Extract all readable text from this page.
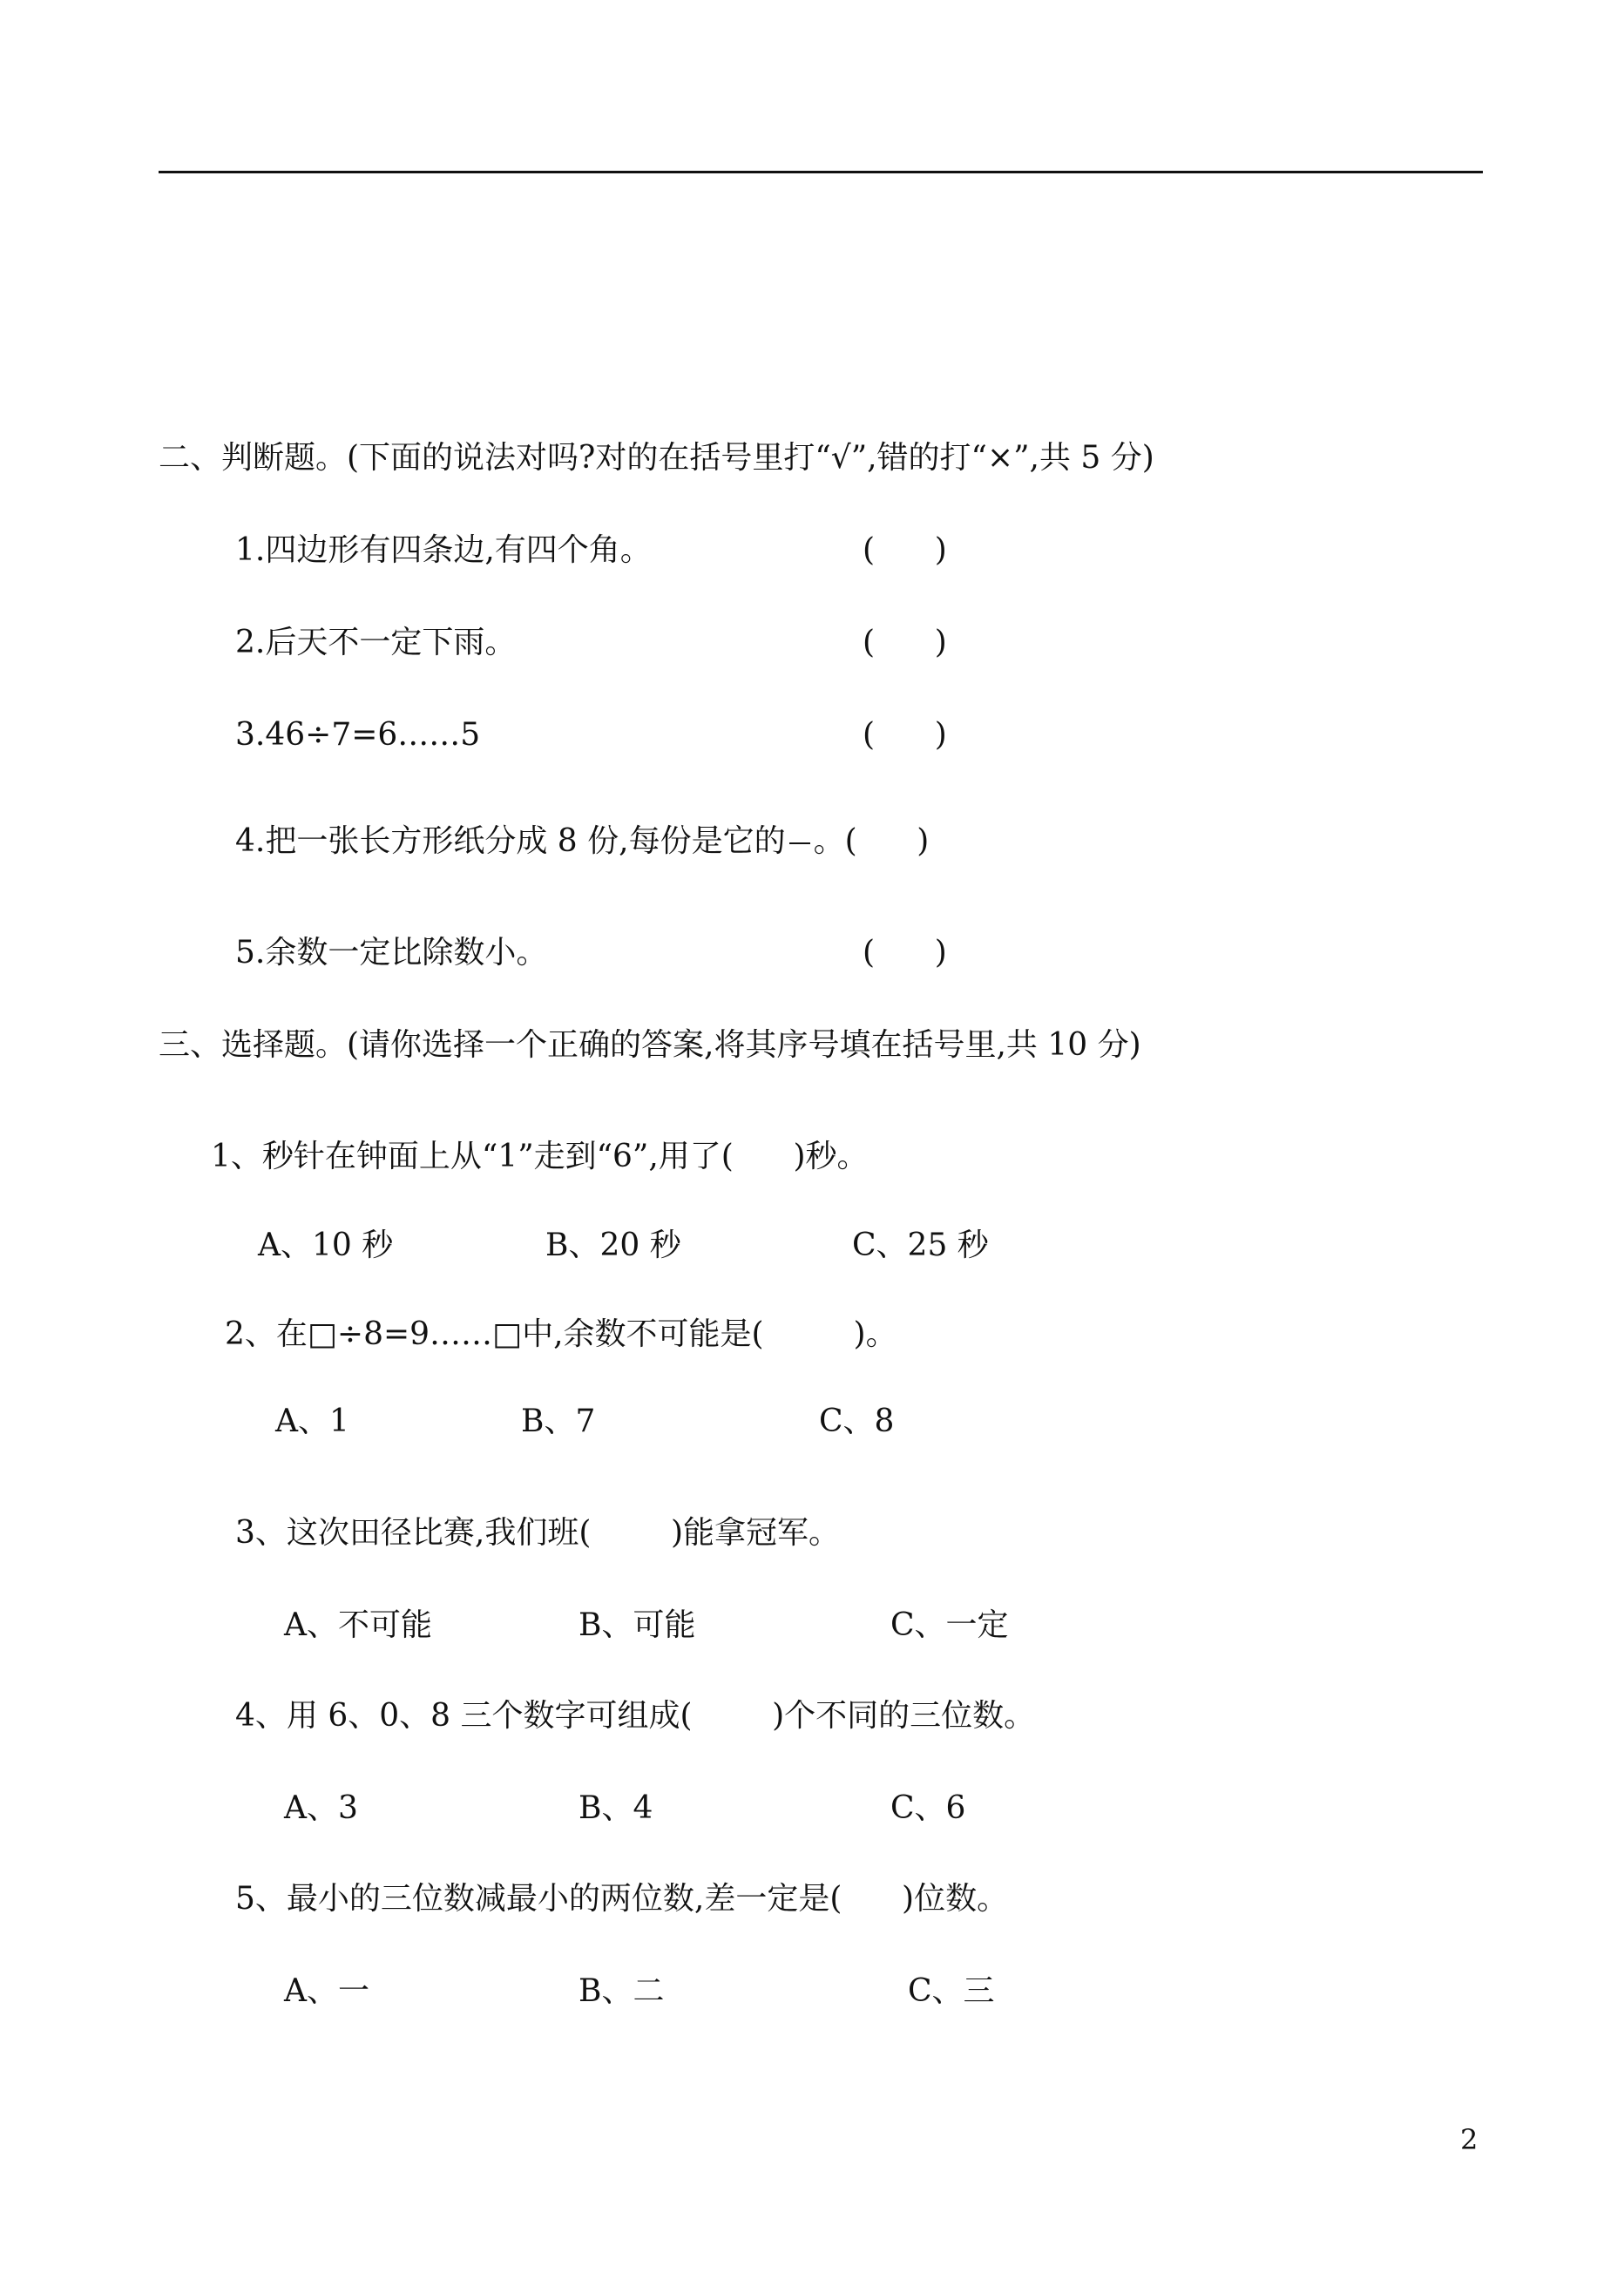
二、判断题。(下面的说法对吗?对的在括号里打“√”,错的打“×”,共 5 分)
1.四边形有四条边,有四个角。	(      )
2.后天不一定下雨。	(      )
3.46÷7=6……5	(      )
4.把一张长方形纸分成 8 份,每份是它的 。(      )
5.余数一定比除数小。	(      )
三、选择题。(请你选择一个正确的答案,将其序号填在括号里,共 10 分)
1、秒针在钟面上从“1”走到“6”,用了(      )秒。
A、10 秒	B、20 秒	C、25 秒
2、在□÷8=9……□中,余数不可能是(         )。
A、1	B、7	C、8
3、这次田径比赛,我们班(        )能拿冠军。
A、不可能	B、可能	C、一定
4、用 6、0、8 三个数字可组成(        )个不同的三位数。
A、3	B、4	C、6
5、最小的三位数减最小的两位数,差一定是(      )位数。
A、一	B、二	C、三
2
